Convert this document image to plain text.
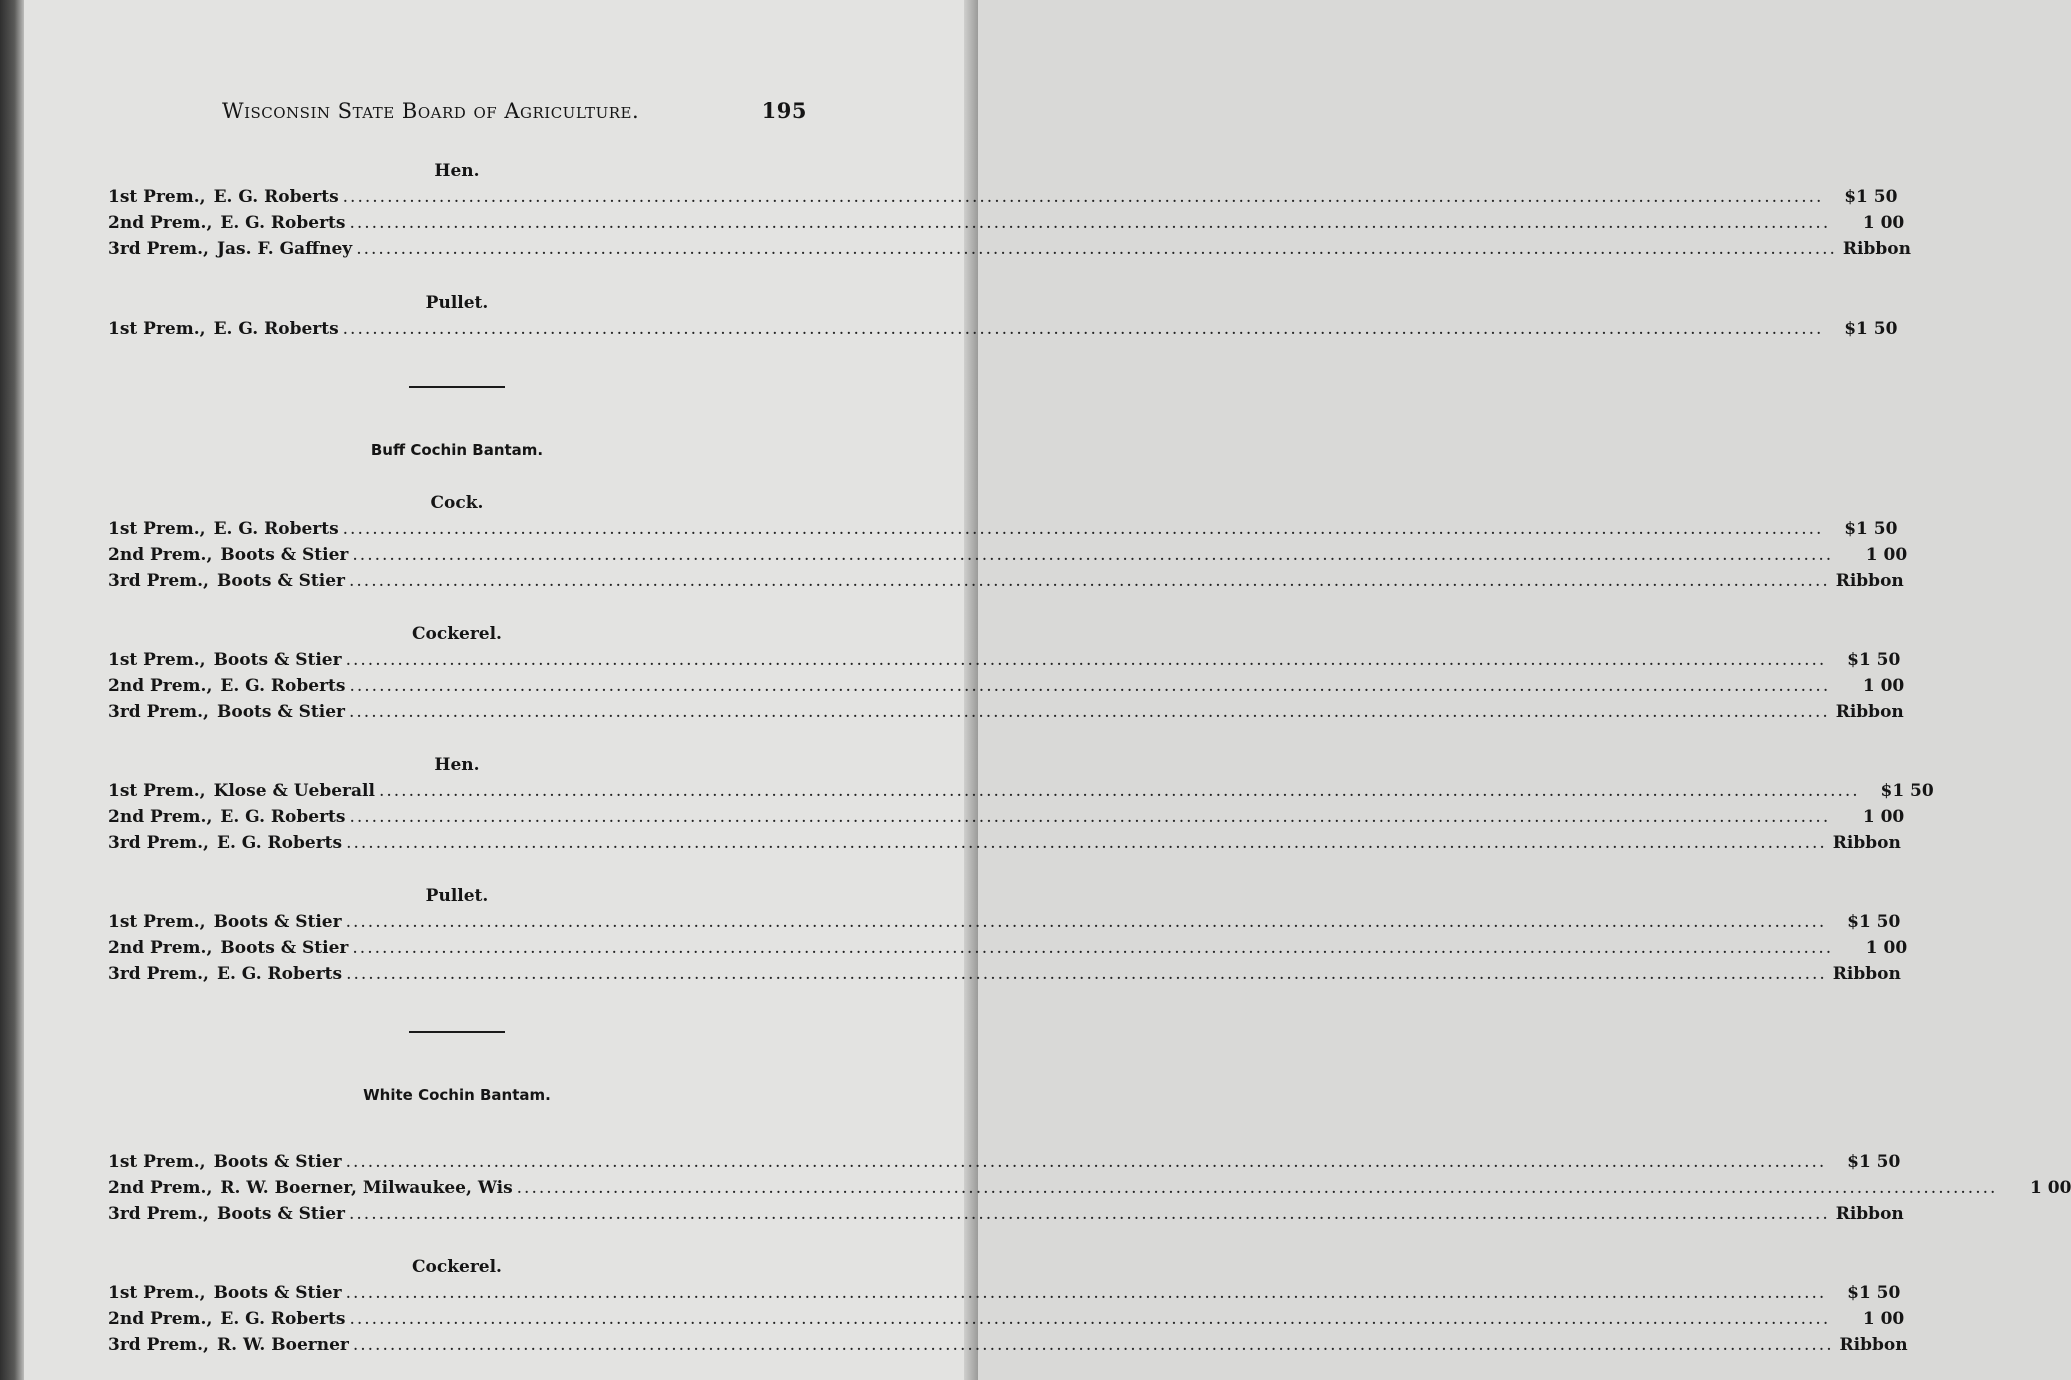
Wisconsin State Board of Agriculture.	195
Hen.
1st Prem., E. G. Roberts ........................................................................................................................................................................................................	$1 50
2nd Prem., E. G. Roberts ........................................................................................................................................................................................................	1 00
3rd Prem., Jas. F. Gaffney ........................................................................................................................................................................................................ Ribbon
Pullet.
1st Prem., E. G. Roberts ........................................................................................................................................................................................................	$1 50
Buff Cochin Bantam.
Cock.
1st Prem., E. G. Roberts ........................................................................................................................................................................................................	$1 50
2nd Prem., Boots & Stier ........................................................................................................................................................................................................	1 00
3rd Prem., Boots & Stier ........................................................................................................................................................................................................ Ribbon
Cockerel.
1st Prem., Boots & Stier ........................................................................................................................................................................................................	$1 50
2nd Prem., E. G. Roberts ........................................................................................................................................................................................................	1 00
3rd Prem., Boots & Stier ........................................................................................................................................................................................................ Ribbon
Hen.
1st Prem., Klose & Ueberall ........................................................................................................................................................................................................	$1 50
2nd Prem., E. G. Roberts ........................................................................................................................................................................................................	1 00
3rd Prem., E. G. Roberts ........................................................................................................................................................................................................ Ribbon
Pullet.
1st Prem., Boots & Stier ........................................................................................................................................................................................................	$1 50
2nd Prem., Boots & Stier ........................................................................................................................................................................................................	1 00
3rd Prem., E. G. Roberts ........................................................................................................................................................................................................ Ribbon
White Cochin Bantam.
1st Prem., Boots & Stier ........................................................................................................................................................................................................	$1 50
2nd Prem., R. W. Boerner, Milwaukee, Wis ........................................................................................................................................................................................................	1 00
3rd Prem., Boots & Stier ........................................................................................................................................................................................................ Ribbon
Cockerel.
1st Prem., Boots & Stier ........................................................................................................................................................................................................	$1 50
2nd Prem., E. G. Roberts ........................................................................................................................................................................................................	1 00
3rd Prem., R. W. Boerner ........................................................................................................................................................................................................ Ribbon
